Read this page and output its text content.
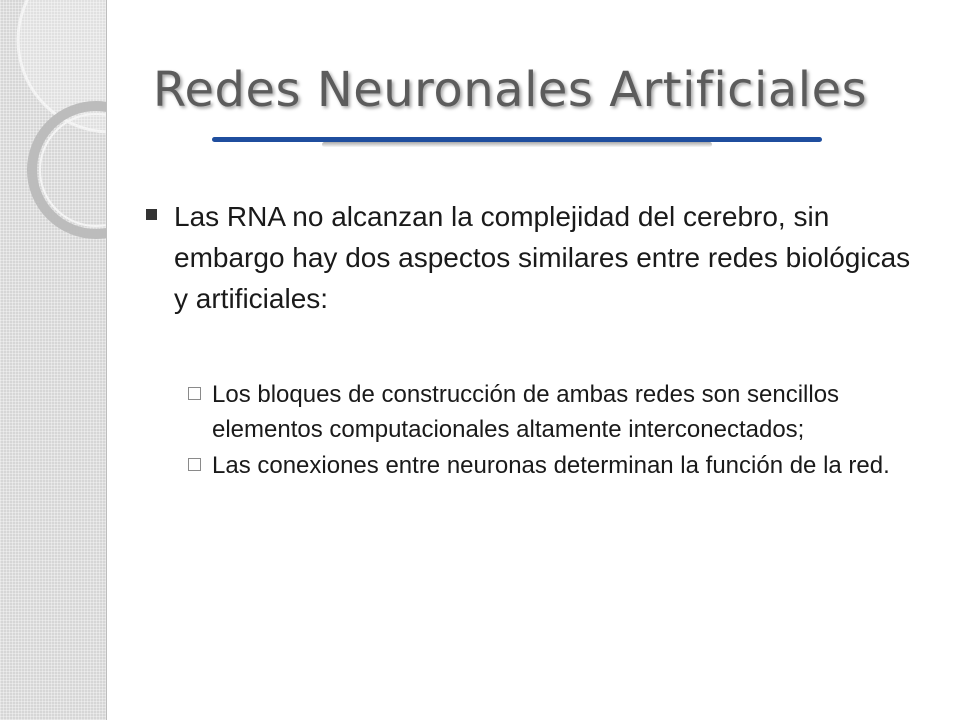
Redes Neuronales Artificiales
Las RNA no alcanzan la complejidad del cerebro, sin embargo hay dos aspectos similares entre redes biológicas y artificiales:
Los bloques de construcción de ambas redes son sencillos elementos computacionales altamente interconectados;
Las conexiones entre neuronas determinan la función de la red.
